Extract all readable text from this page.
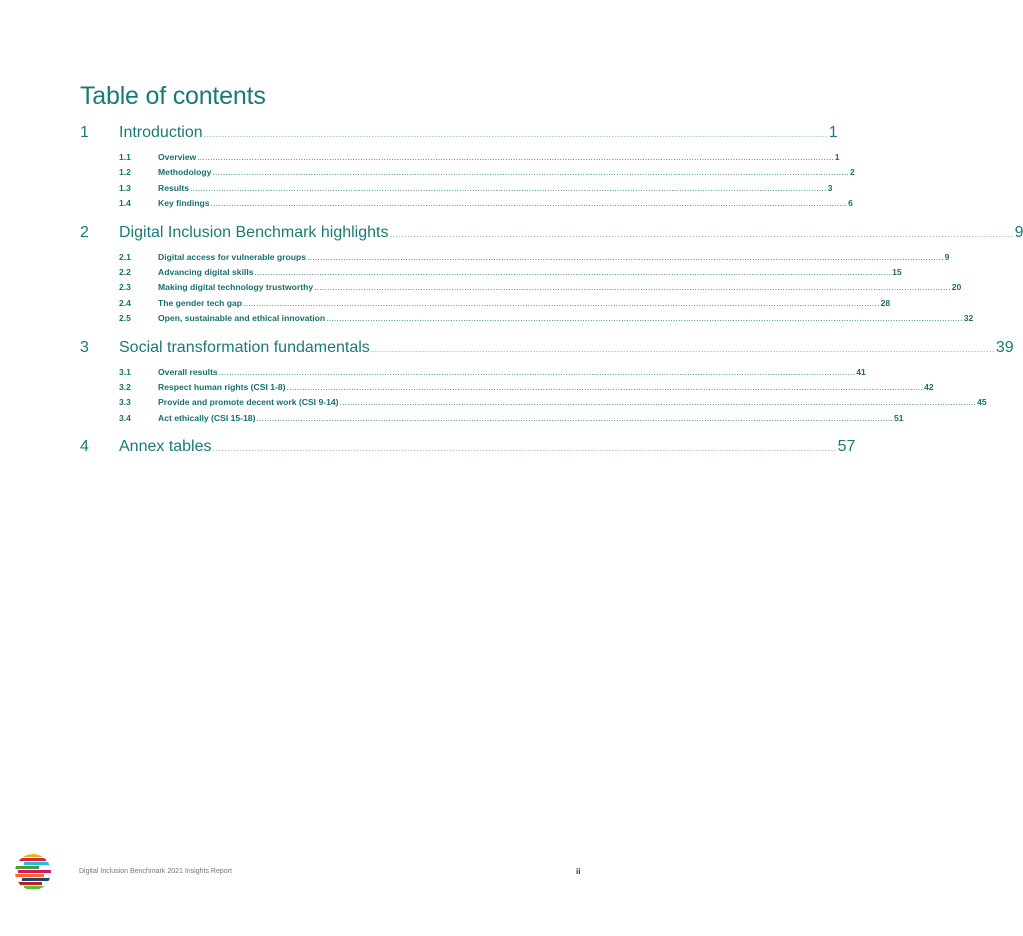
Table of contents
1	Introduction ................................................................................................................................................................................................................ 1
1.1	Overview ...................................................................................................................................................................................................................................................... 1
1.2	Methodology ...................................................................................................................................................................................................................................................... 2
1.3	Results ...................................................................................................................................................................................................................................................... 3
1.4	Key findings ...................................................................................................................................................................................................................................................... 6
2	Digital Inclusion Benchmark highlights ................................................................................................................................................................................................................ 9
2.1	Digital access for vulnerable groups ...................................................................................................................................................................................................................................................... 9
2.2	Advancing digital skills ...................................................................................................................................................................................................................................................... 15
2.3	Making digital technology trustworthy ...................................................................................................................................................................................................................................................... 20
2.4	The gender tech gap ...................................................................................................................................................................................................................................................... 28
2.5	Open, sustainable and ethical innovation ...................................................................................................................................................................................................................................................... 32
3	Social transformation fundamentals ................................................................................................................................................................................................................ 39
3.1	Overall results ...................................................................................................................................................................................................................................................... 41
3.2	Respect human rights (CSI 1-8) ...................................................................................................................................................................................................................................................... 42
3.3	Provide and promote decent work (CSI 9-14) ...................................................................................................................................................................................................................................................... 45
3.4	Act ethically (CSI 15-18) ...................................................................................................................................................................................................................................................... 51
4	Annex tables ................................................................................................................................................................................................................ 57
Digital Inclusion Benchmark 2021 Insights Report	ii
